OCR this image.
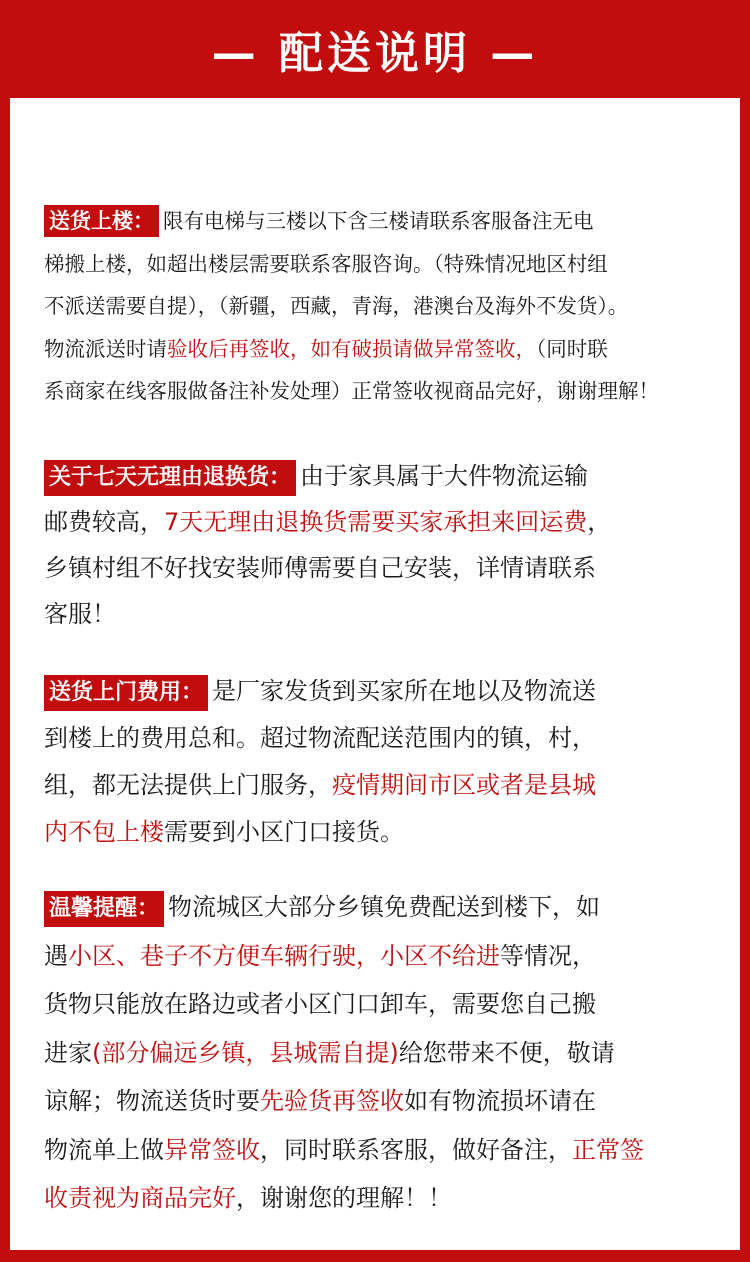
— 配送说明 —

送货上楼： 限有电梯与三楼以下含三楼请联系客服备注无电

梯搬上楼，如超出楼层需要联系客服咨询。（特殊情况地区村组

不派送需要自提），（新疆，西藏，青海，港澳台及海外不发货）。

物流派送时请验收后再签收，如有破损请做异常签收，（同时联

系商家在线客服做备注补发处理）正常签收视商品完好，谢谢理解！

关于七天无理由退换货： 由于家具属于大件物流运输

邮费较高，7天无理由退换货需要买家承担来回运费，

乡镇村组不好找安装师傅需要自己安装，详情请联系

客服！

送货上门费用： 是厂家发货到买家所在地以及物流送

到楼上的费用总和。超过物流配送范围内的镇，村，

组，都无法提供上门服务，疫情期间市区或者是县城

内不包上楼需要到小区门口接货。

温馨提醒： 物流城区大部分乡镇免费配送到楼下，如

遇小区、巷子不方便车辆行驶，小区不给进等情况，

货物只能放在路边或者小区门口卸车，需要您自己搬

进家(部分偏远乡镇，县城需自提)给您带来不便，敬请

谅解；物流送货时要先验货再签收如有物流损坏请在

物流单上做异常签收，同时联系客服，做好备注，正常签

收责视为商品完好，谢谢您的理解！！
